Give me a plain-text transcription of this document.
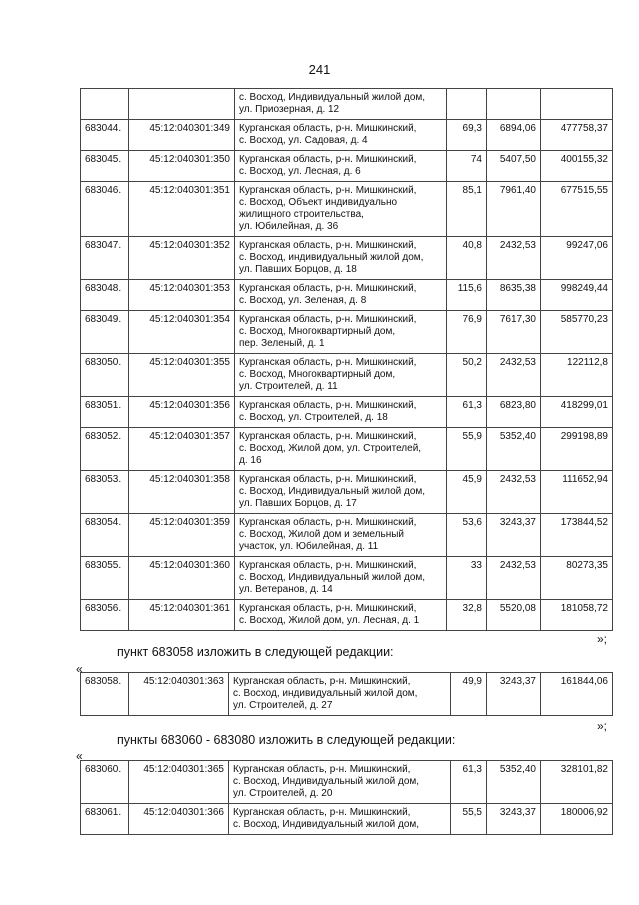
241

		с. Восход, Индивидуальный жилой дом,
ул. Приозерная, д. 12			

683044.	45:12:040301:349	Курганская область, р-н. Мишкинский,
с. Восход, ул. Садовая, д. 4	69,3	6894,06	477758,37
683045.	45:12:040301:350	Курганская область, р-н. Мишкинский,
с. Восход, ул. Лесная, д. 6	74	5407,50	400155,32
683046.	45:12:040301:351	Курганская область, р-н. Мишкинский,
с. Восход, Объект индивидуально
жилищного строительства,
ул. Юбилейная, д. 36	85,1	7961,40	677515,55
683047.	45:12:040301:352	Курганская область, р-н. Мишкинский,
с. Восход, индивидуальный жилой дом,
ул. Павших Борцов, д. 18	40,8	2432,53	99247,06
683048.	45:12:040301:353	Курганская область, р-н. Мишкинский,
с. Восход, ул. Зеленая, д. 8	115,6	8635,38	998249,44
683049.	45:12:040301:354	Курганская область, р-н. Мишкинский,
с. Восход, Многоквартирный дом,
пер. Зеленый, д. 1	76,9	7617,30	585770,23
683050.	45:12:040301:355	Курганская область, р-н. Мишкинский,
с. Восход, Многоквартирный дом,
ул. Строителей, д. 11	50,2	2432,53	122112,8
683051.	45:12:040301:356	Курганская область, р-н. Мишкинский,
с. Восход, ул. Строителей, д. 18	61,3	6823,80	418299,01
683052.	45:12:040301:357	Курганская область, р-н. Мишкинский,
с. Восход, Жилой дом, ул. Строителей,
д. 16	55,9	5352,40	299198,89
683053.	45:12:040301:358	Курганская область, р-н. Мишкинский,
с. Восход, Индивидуальный жилой дом,
ул. Павших Борцов, д. 17	45,9	2432,53	111652,94
683054.	45:12:040301:359	Курганская область, р-н. Мишкинский,
с. Восход, Жилой дом и земельный
участок, ул. Юбилейная, д. 11	53,6	3243,37	173844,52
683055.	45:12:040301:360	Курганская область, р-н. Мишкинский,
с. Восход, Индивидуальный жилой дом,
ул. Ветеранов, д. 14	33	2432,53	80273,35
683056.	45:12:040301:361	Курганская область, р-н. Мишкинский,
с. Восход, Жилой дом, ул. Лесная, д. 1	32,8	5520,08	181058,72
»;
пункт 683058 изложить в следующей редакции:
«
683058.	45:12:040301:363	Курганская область, р-н. Мишкинский,
с. Восход, индивидуальный жилой дом,
ул. Строителей, д. 27
	49,9	3243,37	161844,06
»;
пункты 683060 - 683080 изложить в следующей редакции:
«
683060.	45:12:040301:365	Курганская область, р-н. Мишкинский,
с. Восход, Индивидуальный жилой дом,
ул. Строителей, д. 20	61,3	5352,40	328101,82
683061.	45:12:040301:366	Курганская область, р-н. Мишкинский,
с. Восход, Индивидуальный жилой дом,	55,5	3243,37	180006,92
